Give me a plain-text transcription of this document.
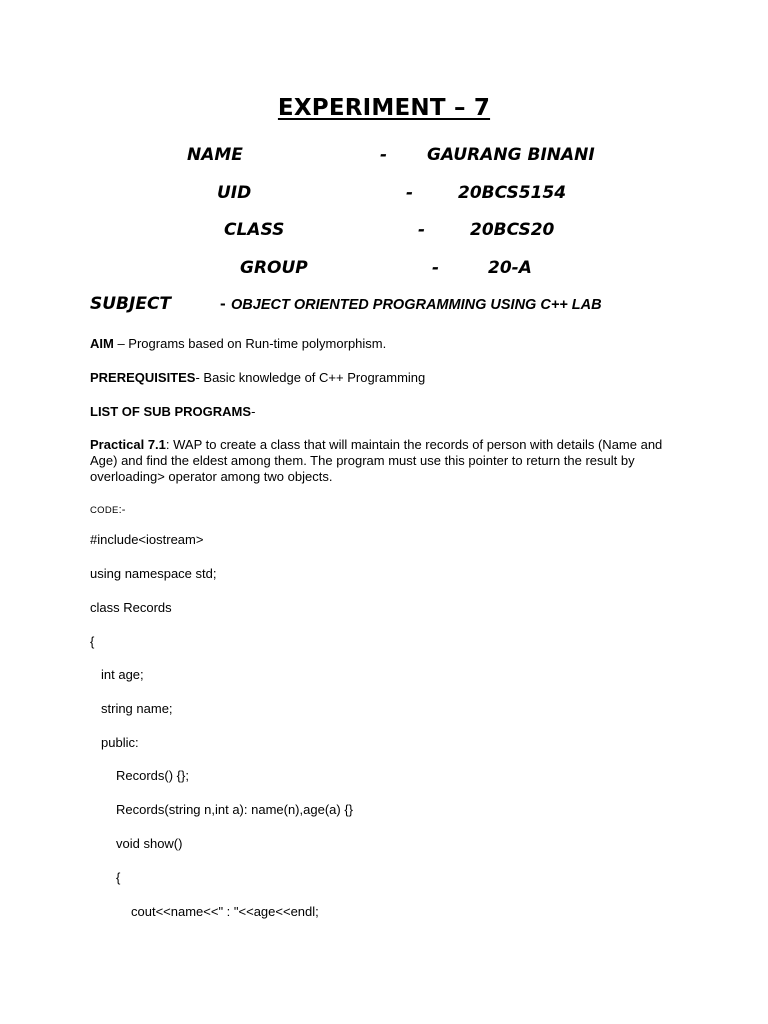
EXPERIMENT – 7
NAME	- GAURANG BINANI
UID	-	20BCS5154
CLASS	-	20BCS20
GROUP	-	20-A
SUBJECT	- OBJECT ORIENTED PROGRAMMING USING C++ LAB
AIM – Programs based on Run-time polymorphism.
PREREQUISITES- Basic knowledge of C++ Programming
LIST OF SUB PROGRAMS-
Practical 7.1: WAP to create a class that will maintain the records of person with details (Name and Age) and find the eldest among them. The program must use this pointer to return the result by overloading> operator among two objects.
CODE:-
#include<iostream>
using namespace std;
class Records
{
int age;
string name;
public:
Records() {};
Records(string n,int a): name(n),age(a) {}
void show()
{
cout<<name<<" : "<<age<<endl;
